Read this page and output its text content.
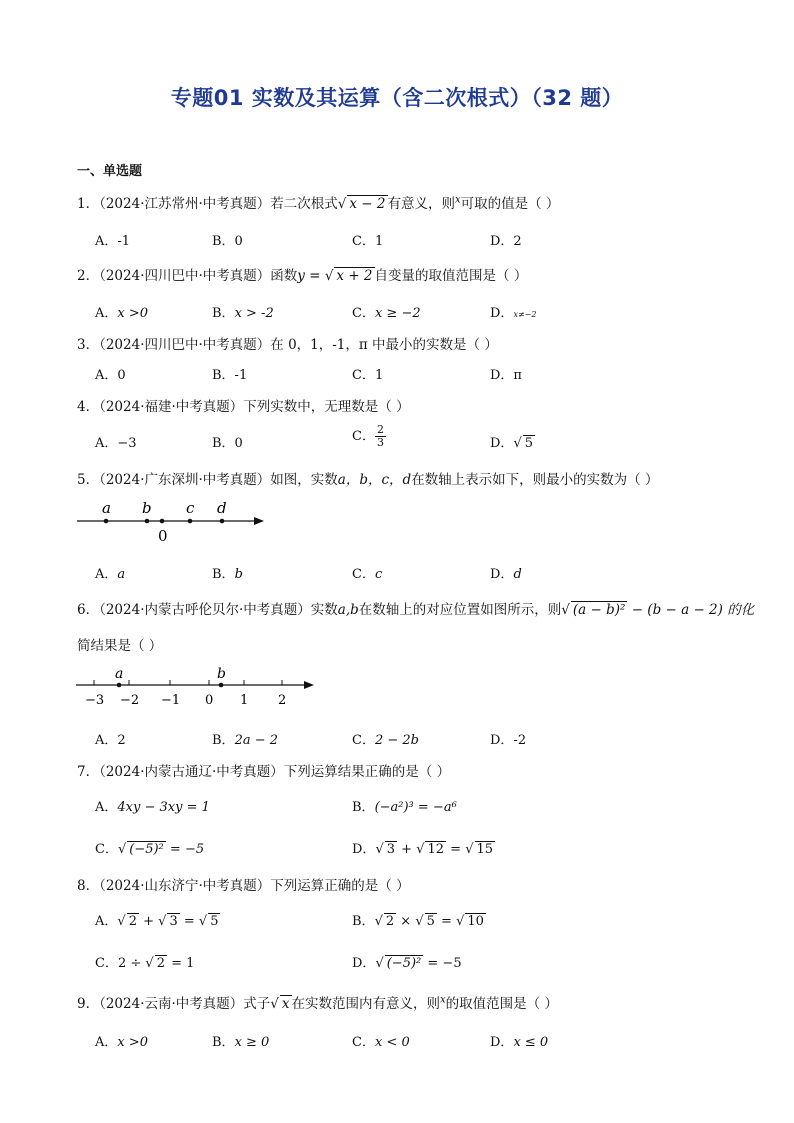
专题01 实数及其运算（含二次根式）（32 题）
一、单选题
1．（2024·江苏常州·中考真题）若二次根式√ x − 2 有意义，则$^x$可取的值是（ ）
A．-1	B．0	C．1	D．2
2．（2024·四川巴中·中考真题）函数y = √ x + 2 自变量的取值范围是（ ）
A．x >0	B．x > -2	C．x ≥ −2	D．x≠−2
3．（2024·四川巴中·中考真题）在 0，1，-1，π 中最小的实数是（ ）
A．0	B．-1	C．1	D．π
4．（2024·福建·中考真题）下列实数中，无理数是（ ）
A．−3	B．0	C． $\frac{2}{3}$	D．√ 5
5．（2024·广东深圳·中考真题）如图，实数a，b，c，d在数轴上表示如下，则最小的实数为（ ）
a b c d
0
A．a	B．b	C．c	D．d
6．（2024·内蒙古呼伦贝尔·中考真题）实数a,b在数轴上的对应位置如图所示，则√ (a − b)² − (b − a − 2) 的化
简结果是（ ）
a	b
−3 −2 −1 0 1 2
A．2	B．2a − 2	C．2 − 2b	D．-2
7．（2024·内蒙古通辽·中考真题）下列运算结果正确的是（ ）
A．4xy − 3xy = 1	B．(−a²)³ = −a⁶
C．√ (−5)² = −5	D．√ 3 + √ 12 = √ 15
8．（2024·山东济宁·中考真题）下列运算正确的是（ ）
A．√ 2 + √ 3 = √ 5	B．√ 2 × √ 5 = √ 10
C．2 ÷ √ 2 = 1	D．√ (−5)² = −5
9．（2024·云南·中考真题）式子√ x 在实数范围内有意义，则$^x$的取值范围是（ ）
A．x >0	B．x ≥ 0	C．x < 0	D．x ≤ 0
